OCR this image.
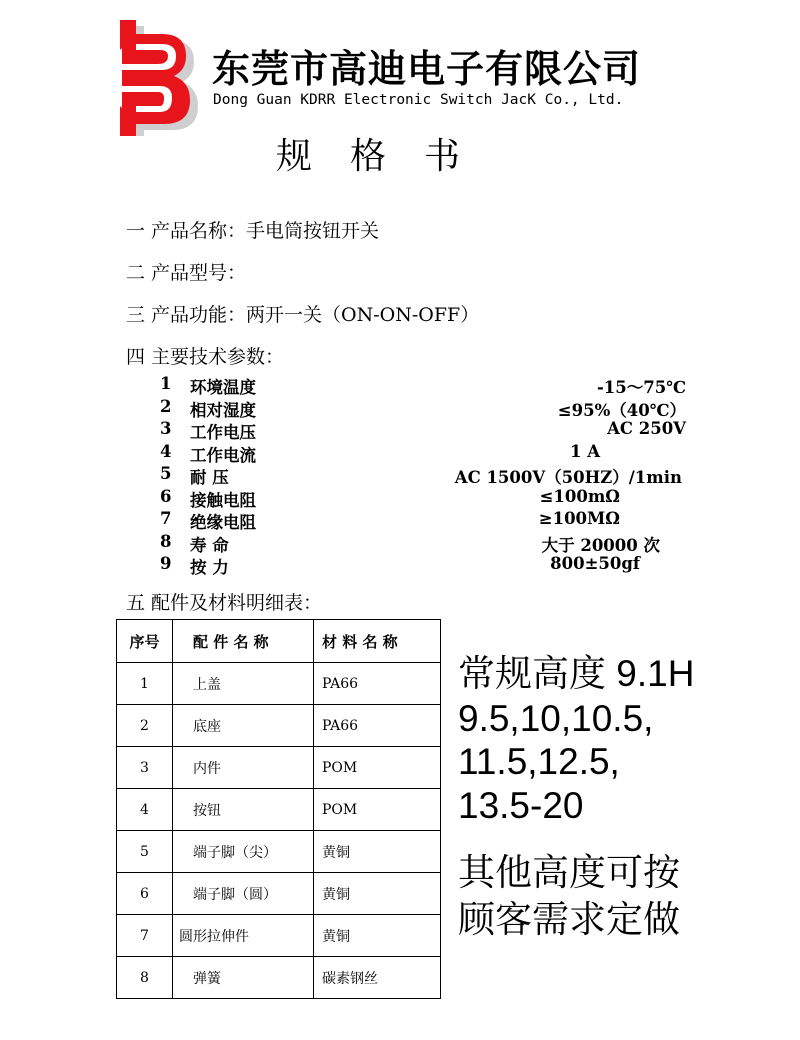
东莞市高迪电子有限公司
Dong Guan KDRR Electronic Switch JacK Co., Ltd.
规格书
一 产品名称：手电筒按钮开关
二 产品型号：
三 产品功能：两开一关（ON-ON-OFF）
四 主要技术参数：
1 环境温度	-15～75℃
2 相对湿度	≤95%（40℃）
3 工作电压	AC 250V
4 工作电流	1 A
5 耐 压	AC 1500V（50HZ）/1min
6 接触电阻	≤100mΩ
7 绝缘电阻	≥100MΩ
8 寿 命	大于 20000 次
9 按 力	800±50gf
五 配件及材料明细表：
序号	配 件 名 称	材 料 名 称
1	上盖	PA66
2	底座	PA66
3	内件	POM
4	按钮	POM
5	端子脚（尖）	黄铜
6	端子脚（圆）	黄铜
7	圆形拉伸件	黄铜
8	弹簧	碳素钢丝
常规高度 9.1H
9.5,10,10.5,
11.5,12.5,
13.5-20
其他高度可按
顾客需求定做
